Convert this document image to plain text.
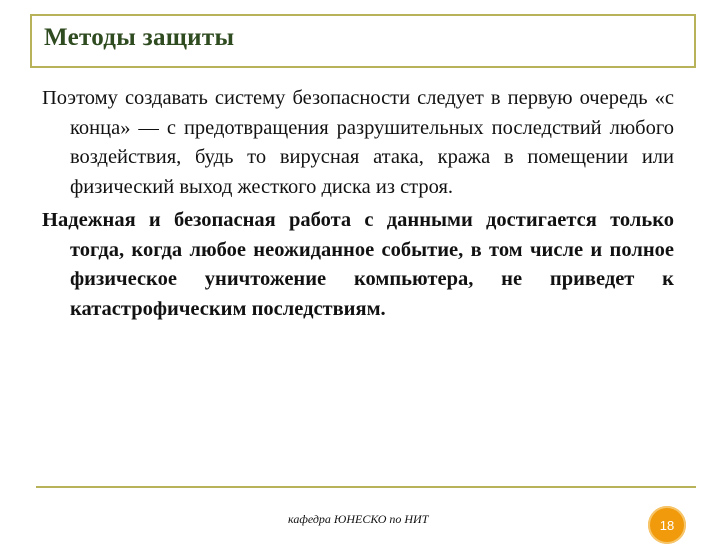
Методы защиты

Поэтому создавать систему безопасности следует в первую очередь «с конца» — с предотвращения разрушительных последствий любого воздействия, будь то вирусная атака, кража в помещении или физический выход жесткого диска из строя.

Надежная и безопасная работа с данными достигается только тогда, когда любое неожиданное событие, в том числе и полное физическое уничтожение компьютера, не приведет к катастрофическим последствиям.

кафедра ЮНЕСКО по НИТ	18
